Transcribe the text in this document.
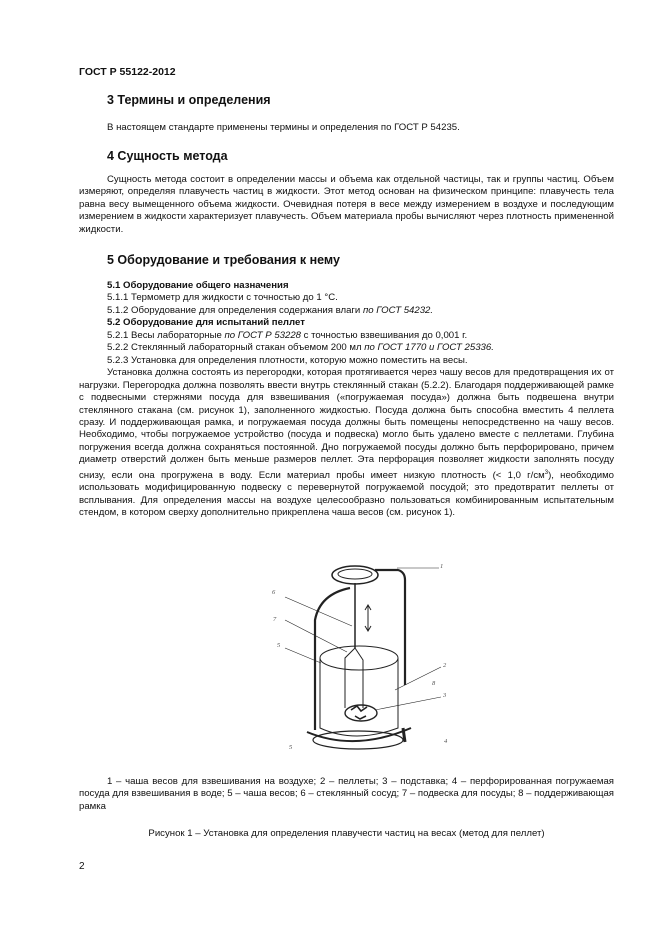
ГОСТ Р 55122-2012
3 Термины и определения
В настоящем стандарте применены термины и определения по ГОСТ Р 54235.
4 Сущность метода
Сущность метода состоит в определении массы и объема как отдельной частицы, так и группы частиц. Объем измеряют, определяя плавучесть частиц в жидкости. Этот метод основан на физическом принципе: плавучесть тела равна весу вымещенного объема жидкости. Очевидная потеря в весе между измерением в воздухе и последующим измерением в жидкости характеризует плавучесть. Объем материала пробы вычисляют через плотность примененной жидкости.
5 Оборудование и требования к нему

5.1 Оборудование общего назначения

5.1.1 Термометр для жидкости с точностью до 1 °С.

5.1.2 Оборудование для определения содержания влаги по ГОСТ 54232.

5.2 Оборудование для испытаний пеллет

5.2.1 Весы лабораторные по ГОСТ Р 53228 с точностью взвешивания до 0,001 г.

5.2.2 Стеклянный лабораторный стакан объемом 200 мл по ГОСТ 1770 и ГОСТ 25336.

5.2.3 Установка для определения плотности, которую можно поместить на весы.

Установка должна состоять из перегородки, которая протягивается через чашу весов для предотвращения их от нагрузки. Перегородка должна позволять ввести внутрь стеклянный стакан (5.2.2). Благодаря поддерживающей рамке с подвесными стержнями посуда для взвешивания («погружаемая посуда») должна быть подвешена внутри стеклянного стакана (см. рисунок 1), заполненного жидкостью. Посуда должна быть способна вместить 4 пеллета сразу. И поддерживающая рамка, и погружаемая посуда должны быть помещены непосредственно на чашу весов. Необходимо, чтобы погружаемое устройство (посуда и подвеска) могло быть удалено вместе с пеллетами. Глубина погружения всегда должна сохраняться постоянной. Дно погружаемой посуды должно быть перфорировано, причем диаметр отверстий должен быть меньше размеров пеллет. Эта перфорация позволяет жидкости заполнять посуду снизу, если она прогружена в воду. Если материал пробы имеет низкую плотность (< 1,0 $г/см^3$), необходимо использовать модифицированную подвеску с перевернутой погружаемой посудой; это предотвратит пеллеты от всплывания. Для определения массы на воздухе целесообразно пользоваться комбинированным испытательным стендом, в котором сверху дополнительно прикреплена чаша весов (см. рисунок 1).

1
2
3
4
5
6
7
8
5
1 – чаша весов для взвешивания на воздухе; 2 – пеллеты; 3 – подставка; 4 – перфорированная погружаемая посуда для взвешивания в воде; 5 – чаша весов; 6 – стеклянный сосуд; 7 – подвеска для посуды; 8 – поддерживающая рамка
Рисунок 1 – Установка для определения плавучести частиц на весах (метод для пеллет)
2
